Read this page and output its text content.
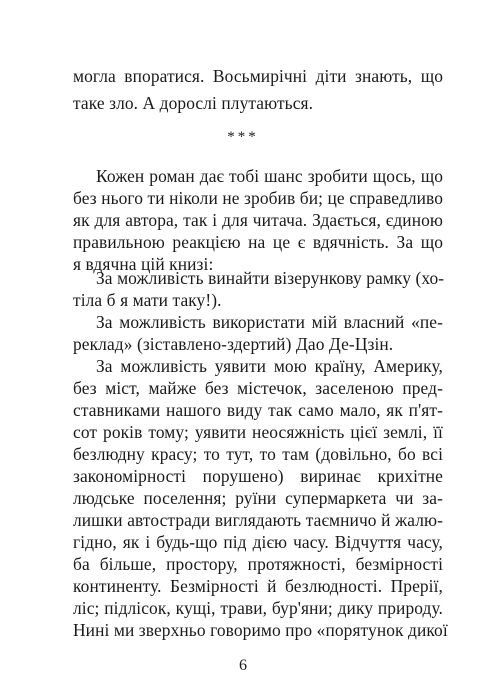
могла впоратися. Восьмирічні діти знають, що
таке зло. А дорослі плутаються.
***
Кожен роман дає тобі шанс зробити щось, що
без нього ти ніколи не зробив би; це справедливо
як для автора, так і для читача. Здається, єдиною
правильною реакцією на це є вдячність. За що
я вдячна цій книзі:
За можливість винайти візерункову рамку (хо-
тіла б я мати таку!).
За можливість використати мій власний «пе-
реклад» (зіставлено-здертий) Дао Де-Цзін.
За можливість уявити мою країну, Америку,
без міст, майже без містечок, заселеною пред-
ставниками нашого виду так само мало, як п'ят-
сот років тому; уявити неосяжність цієї землі, її
безлюдну красу; то тут, то там (довільно, бо всі
закономірності порушено) виринає крихітне
людське поселення; руїни супермаркета чи за-
лишки автостради виглядають таємничо й жалю-
гідно, як і будь-що під дією часу. Відчуття часу,
ба більше, простору, протяжності, безмірності
континенту. Безмірності й безлюдності. Прерії,
ліс; підлісок, кущі, трави, бур'яни; дику природу.
Нині ми зверхньо говоримо про «порятунок дикої
6
